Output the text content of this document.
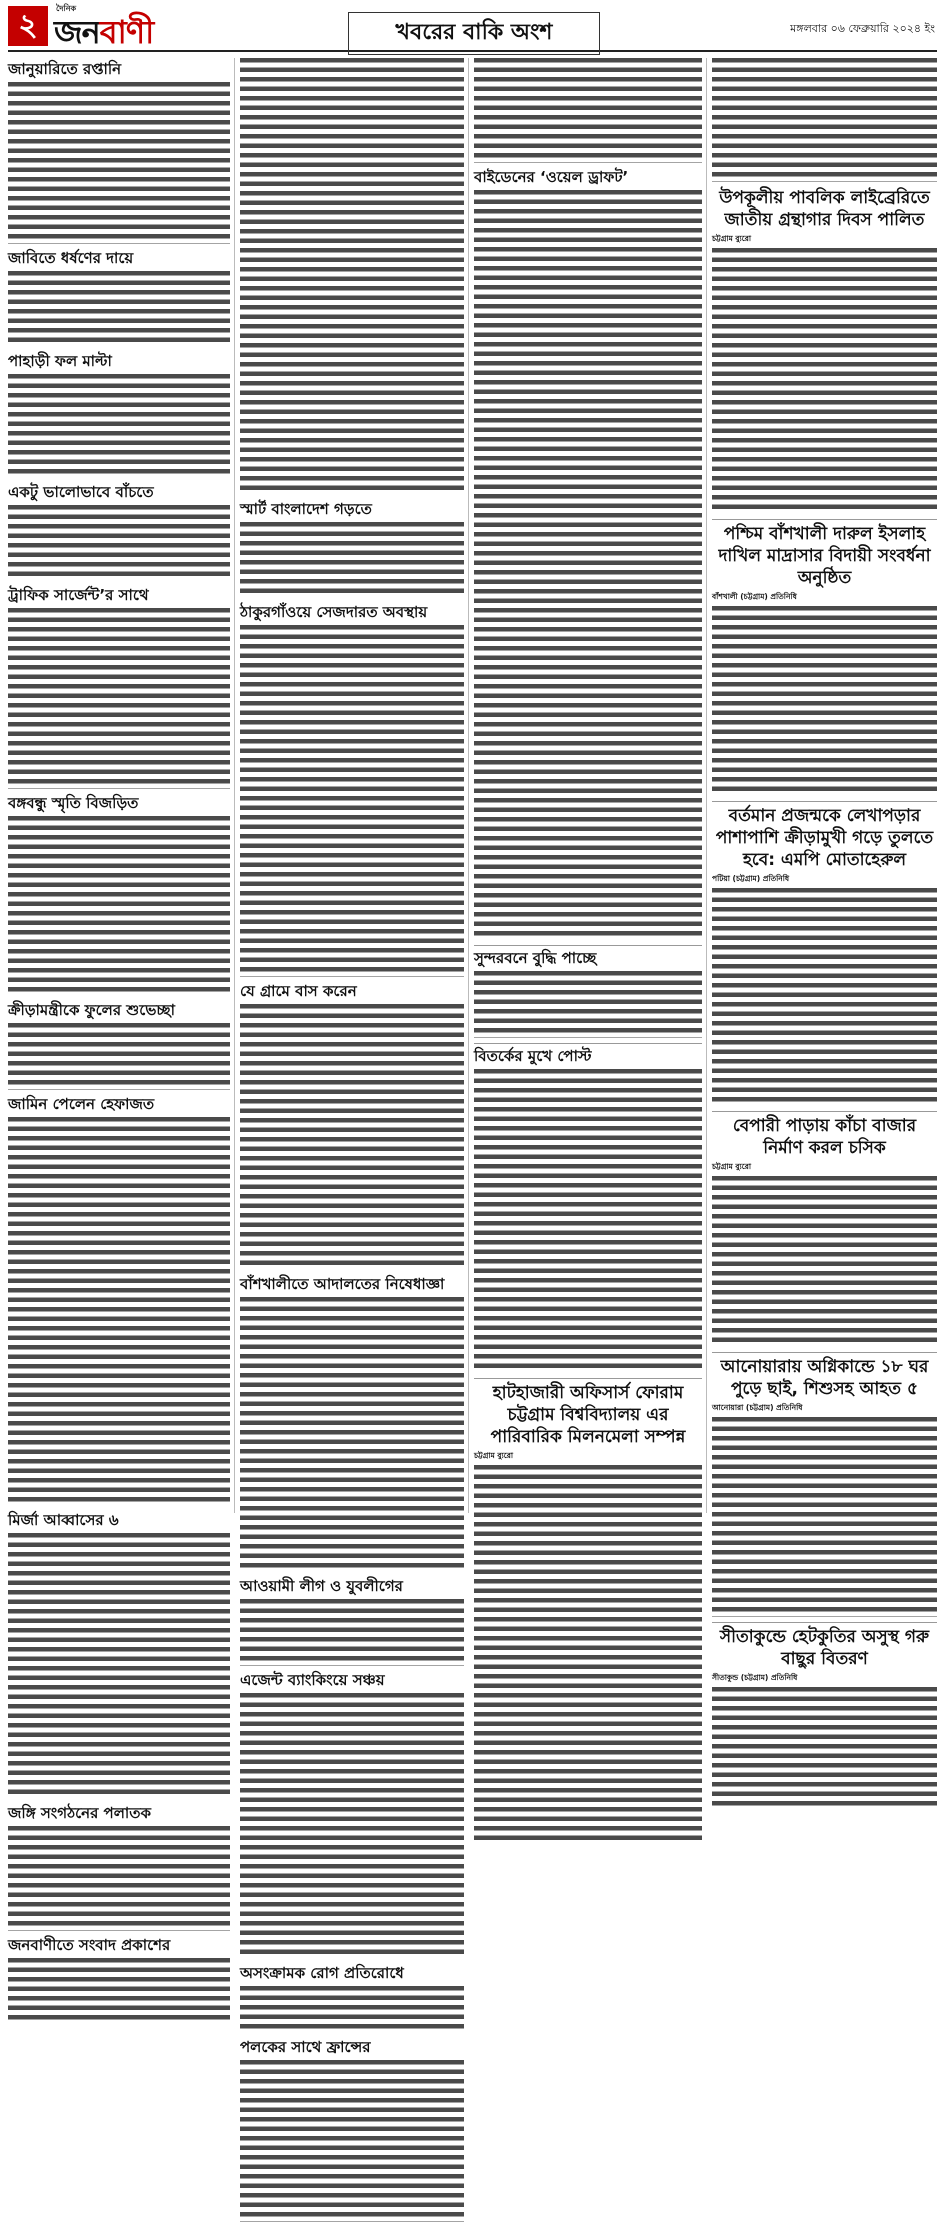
২	দৈনিক
জনবাণী	খবরের বাকি অংশ	মঙ্গলবার ০৬ ফেব্রুয়ারি ২০২৪ ইং
জানুয়ারিতে রপ্তানি
জাবিতে ধর্ষণের দায়ে
পাহাড়ী ফল মাল্টা
একটু ভালোভাবে বাঁচতে
ট্রাফিক সার্জেন্ট’র সাথে
বঙ্গবন্ধু স্মৃতি বিজড়িত
ক্রীড়ামন্ত্রীকে ফুলের শুভেচ্ছা
জামিন পেলেন হেফাজত
মির্জা আব্বাসের ৬
জঙ্গি সংগঠনের পলাতক
জনবাণীতে সংবাদ প্রকাশের
স্মার্ট বাংলাদেশ গড়তে
ঠাকুরগাঁওয়ে সেজদারত অবস্থায়
যে গ্রামে বাস করেন
বাঁশখালীতে আদালতের নিষেধাজ্ঞা
আওয়ামী লীগ ও যুবলীগের
এজেন্ট ব্যাংকিংয়ে সঞ্চয়
অসংক্রামক রোগ প্রতিরোধে
পলকের সাথে ফ্রান্সের
বাইডেনের ‘ওয়েল ড্রাফট’
সুন্দরবনে বুদ্ধি পাচ্ছে
বিতর্কের মুখে পোস্ট
হাটহাজারী অফিসার্স ফোরাম চট্টগ্রাম বিশ্ববিদ্যালয় এর পারিবারিক মিলনমেলা সম্পন্ন
চট্টগ্রাম ব্যুরো
উপকূলীয় পাবলিক লাইব্রেরিতে জাতীয় গ্রন্থাগার দিবস পালিত
চট্টগ্রাম ব্যুরো
পশ্চিম বাঁশখালী দারুল ইসলাহ দাখিল মাদ্রাসার বিদায়ী সংবর্ধনা অনুষ্ঠিত
বাঁশখালী (চট্টগ্রাম) প্রতিনিধি
বর্তমান প্রজন্মকে লেখাপড়ার পাশাপাশি ক্রীড়ামুখী গড়ে তুলতে হবে: এমপি মোতাহেরুল
পটিয়া (চট্টগ্রাম) প্রতিনিধি
বেপারী পাড়ায় কাঁচা বাজার নির্মাণ করল চসিক
চট্টগ্রাম ব্যুরো
আনোয়ারায় অগ্নিকান্ডে ১৮ ঘর পুড়ে ছাই, শিশুসহ আহত ৫
আনোয়ারা (চট্টগ্রাম) প্রতিনিধি
সীতাকুন্ডে হেটকুতির অসুস্থ গরু বাছুর বিতরণ
সীতাকুন্ড (চট্টগ্রাম) প্রতিনিধি
